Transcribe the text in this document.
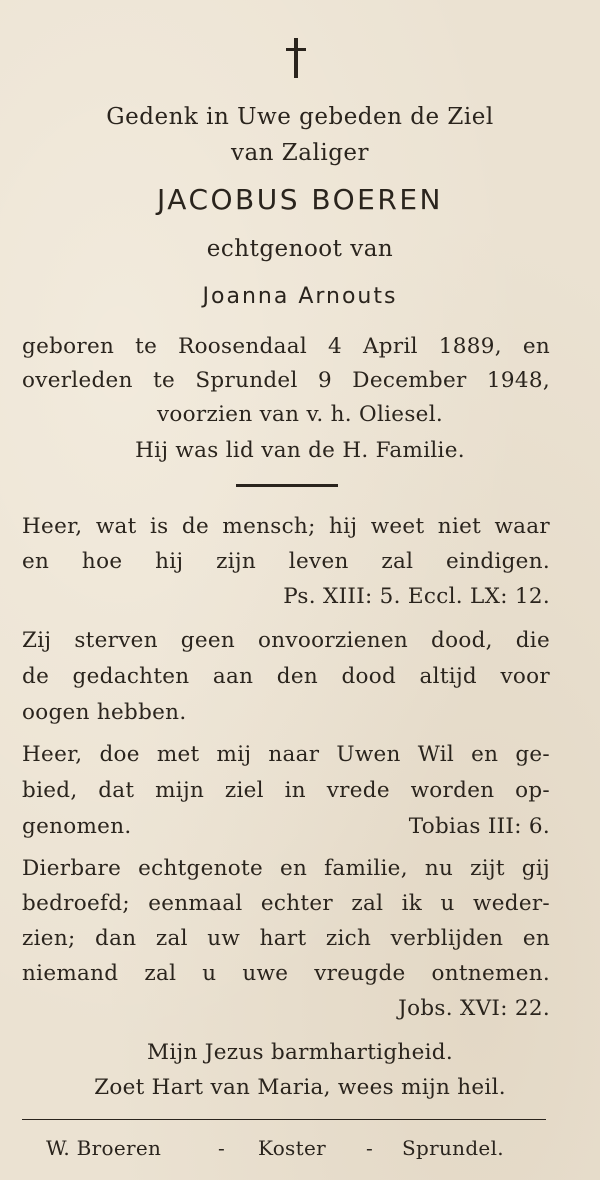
Gedenk in Uwe gebeden de Ziel
van Zaliger
JACOBUS BOEREN
echtgenoot van
Joanna Arnouts
geboren te Roosendaal 4 April 1889, en
overleden te Sprundel 9 December 1948,
voorzien van v. h. Oliesel.
Hij was lid van de H. Familie.
Heer, wat is de mensch; hij weet niet waar
en hoe hij zijn leven zal eindigen.
Ps. XIII: 5. Eccl. LX: 12.
Zij sterven geen onvoorzienen dood, die
de gedachten aan den dood altijd voor
oogen hebben.
Heer, doe met mij naar Uwen Wil en ge-
bied, dat mijn ziel in vrede worden op-
genomen.	Tobias III: 6.
Dierbare echtgenote en familie, nu zijt gij
bedroefd; eenmaal echter zal ik u weder-
zien; dan zal uw hart zich verblijden en
niemand zal u uwe vreugde ontnemen.
Jobs. XVI: 22.
Mijn Jezus barmhartigheid.
Zoet Hart van Maria, wees mijn heil.
W. Broeren	- Koster - Sprundel.
